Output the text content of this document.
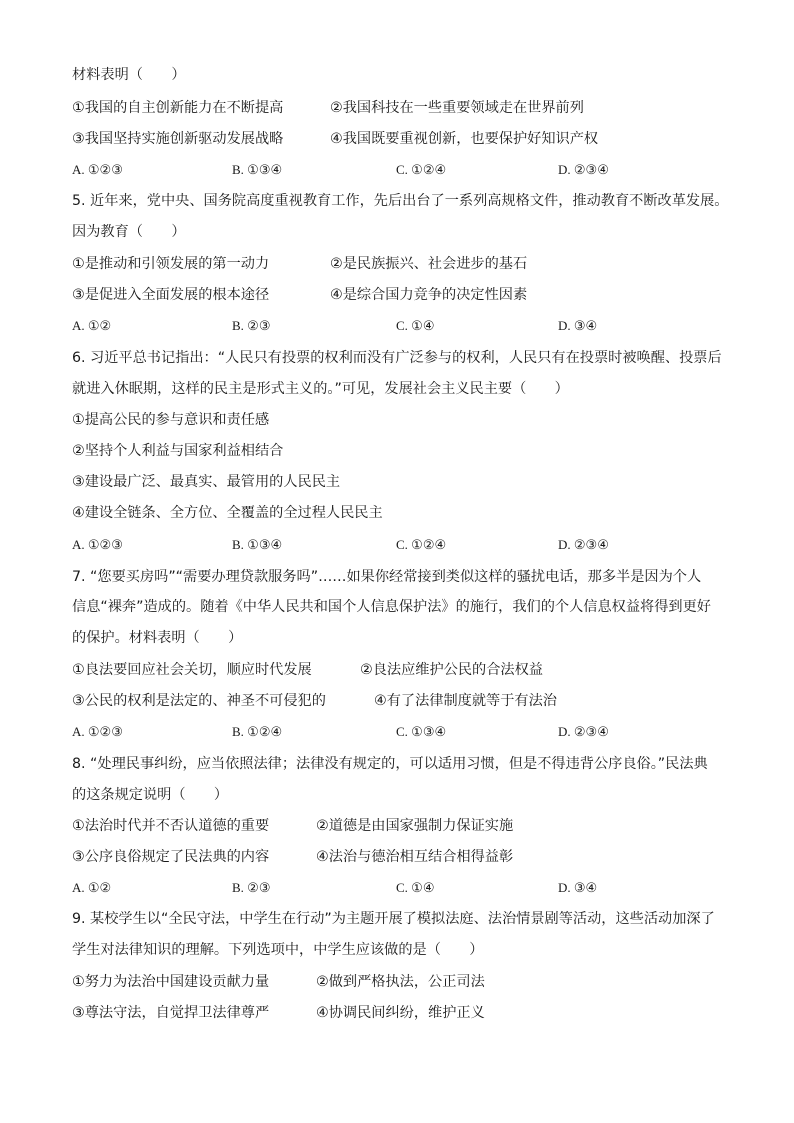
材料表明（　　）
①我国的自主创新能力在不断提高	②我国科技在一些重要领域走在世界前列
③我国坚持实施创新驱动发展战略	④我国既要重视创新，也要保护好知识产权
A. ①②③	B. ①③④	C. ①②④	D. ②③④
5. 近年来，党中央、国务院高度重视教育工作，先后出台了一系列高规格文件，推动教育不断改革发展。
因为教育（　　）
①是推动和引领发展的第一动力	②是民族振兴、社会进步的基石
③是促进入全面发展的根本途径	④是综合国力竞争的决定性因素
A. ①②	B. ②③	C. ①④	D. ③④
6. 习近平总书记指出：“人民只有投票的权利而没有广泛参与的权利，人民只有在投票时被唤醒、投票后
就进入休眠期，这样的民主是形式主义的。”可见，发展社会主义民主要（　　）
①提高公民的参与意识和责任感
②坚持个人利益与国家利益相结合
③建设最广泛、最真实、最管用的人民民主
④建设全链条、全方位、全覆盖的全过程人民民主
A. ①②③	B. ①③④	C. ①②④	D. ②③④
7. “您要买房吗”“需要办理贷款服务吗”……如果你经常接到类似这样的骚扰电话，那多半是因为个人
信息“裸奔”造成的。随着《中华人民共和国个人信息保护法》的施行，我们的个人信息权益将得到更好
的保护。材料表明（　　）
①良法要回应社会关切，顺应时代发展	②良法应维护公民的合法权益
③公民的权利是法定的、神圣不可侵犯的	④有了法律制度就等于有法治
A. ①②③	B. ①②④	C. ①③④	D. ②③④
8. “处理民事纠纷，应当依照法律；法律没有规定的，可以适用习惯，但是不得违背公序良俗。”民法典
的这条规定说明（　　）
①法治时代并不否认道德的重要	②道德是由国家强制力保证实施
③公序良俗规定了民法典的内容	④法治与德治相互结合相得益彰
A. ①②	B. ②③	C. ①④	D. ③④
9. 某校学生以“全民守法，中学生在行动”为主题开展了模拟法庭、法治情景剧等活动，这些活动加深了
学生对法律知识的理解。下列选项中，中学生应该做的是（　　）
①努力为法治中国建设贡献力量	②做到严格执法，公正司法
③尊法守法，自觉捍卫法律尊严	④协调民间纠纷，维护正义
